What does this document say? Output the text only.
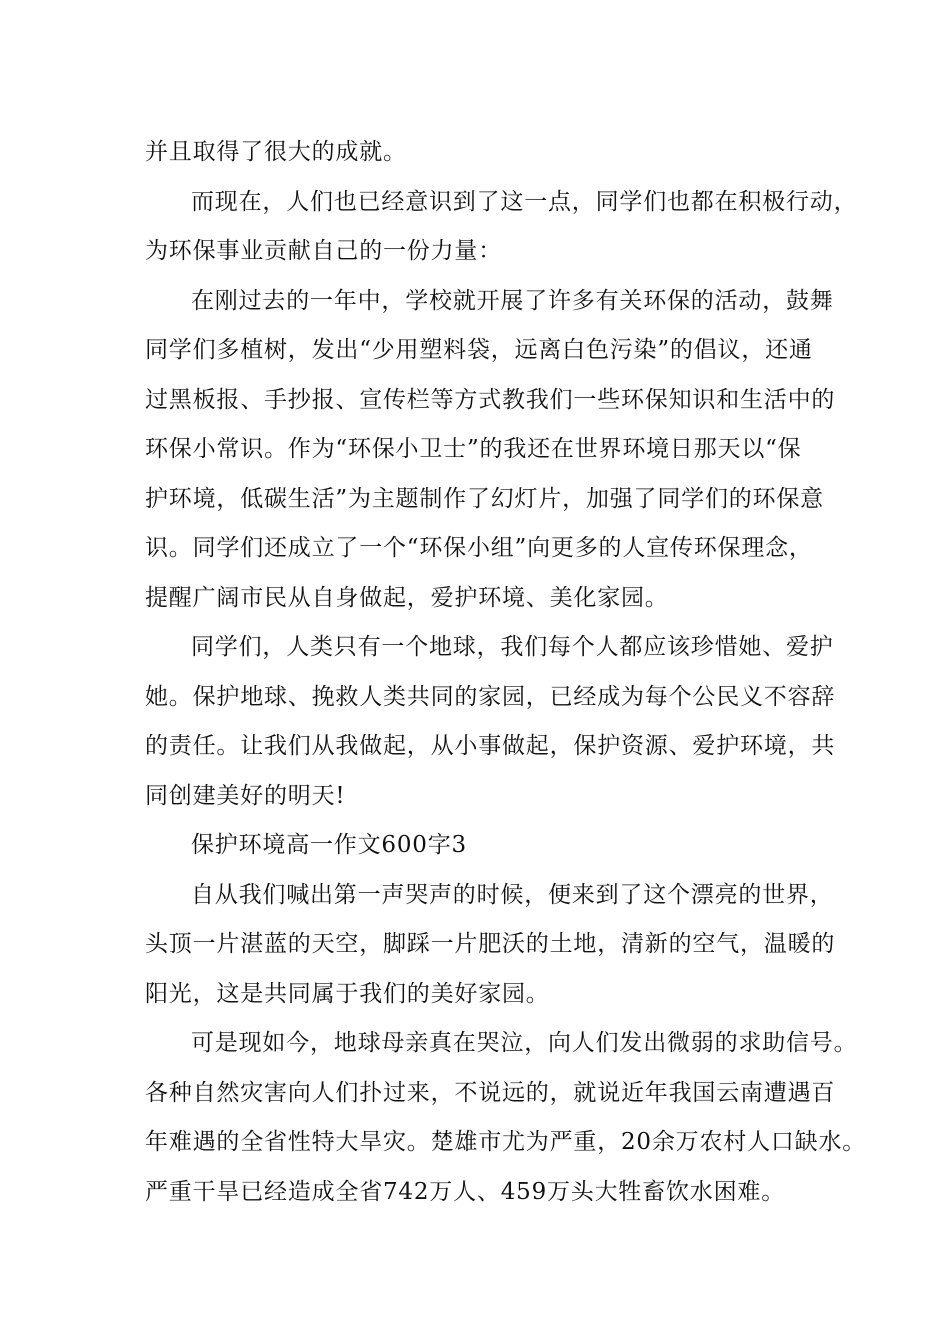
并且取得了很大的成就。

而现在，人们也已经意识到了这一点，同学们也都在积极行动，
为环保事业贡献自己的一份力量：

在刚过去的一年中，学校就开展了许多有关环保的活动，鼓舞
同学们多植树，发出“少用塑料袋，远离白色污染”的倡议，还通
过黑板报、手抄报、宣传栏等方式教我们一些环保知识和生活中的
环保小常识。作为“环保小卫士”的我还在世界环境日那天以“保
护环境，低碳生活”为主题制作了幻灯片，加强了同学们的环保意
识。同学们还成立了一个“环保小组”向更多的人宣传环保理念，
提醒广阔市民从自身做起，爱护环境、美化家园。

同学们，人类只有一个地球，我们每个人都应该珍惜她、爱护
她。保护地球、挽救人类共同的家园，已经成为每个公民义不容辞
的责任。让我们从我做起，从小事做起，保护资源、爱护环境，共
同创建美好的明天!

保护环境高一作文600字3

自从我们喊出第一声哭声的时候，便来到了这个漂亮的世界，
头顶一片湛蓝的天空，脚踩一片肥沃的土地，清新的空气，温暖的
阳光，这是共同属于我们的美好家园。

可是现如今，地球母亲真在哭泣，向人们发出微弱的求助信号。
各种自然灾害向人们扑过来，不说远的，就说近年我国云南遭遇百
年难遇的全省性特大旱灾。楚雄市尤为严重，20余万农村人口缺水。
严重干旱已经造成全省742万人、459万头大牲畜饮水困难。
